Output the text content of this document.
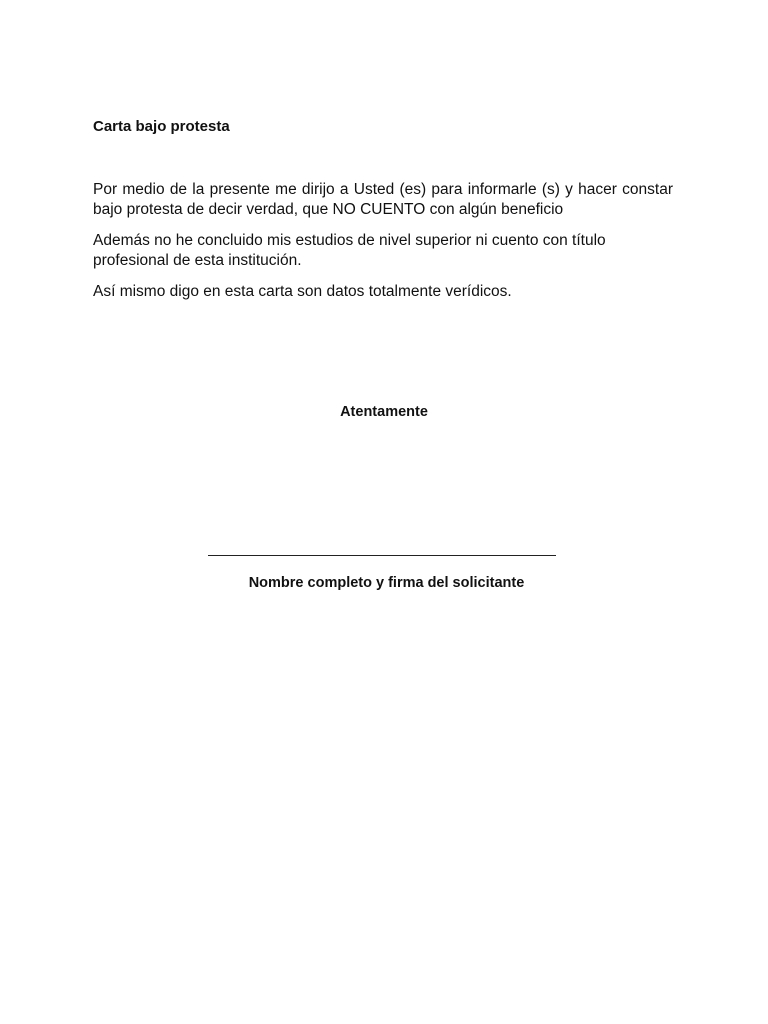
Carta bajo protesta

Por medio de la presente me dirijo a Usted (es) para informarle (s) y hacer constar bajo protesta de decir verdad, que NO CUENTO con algún beneficio

Además no he concluido mis estudios de nivel superior ni cuento con título profesional de esta institución.

Así mismo digo en esta carta son datos totalmente verídicos.

Atentamente
Nombre completo y firma del solicitante
